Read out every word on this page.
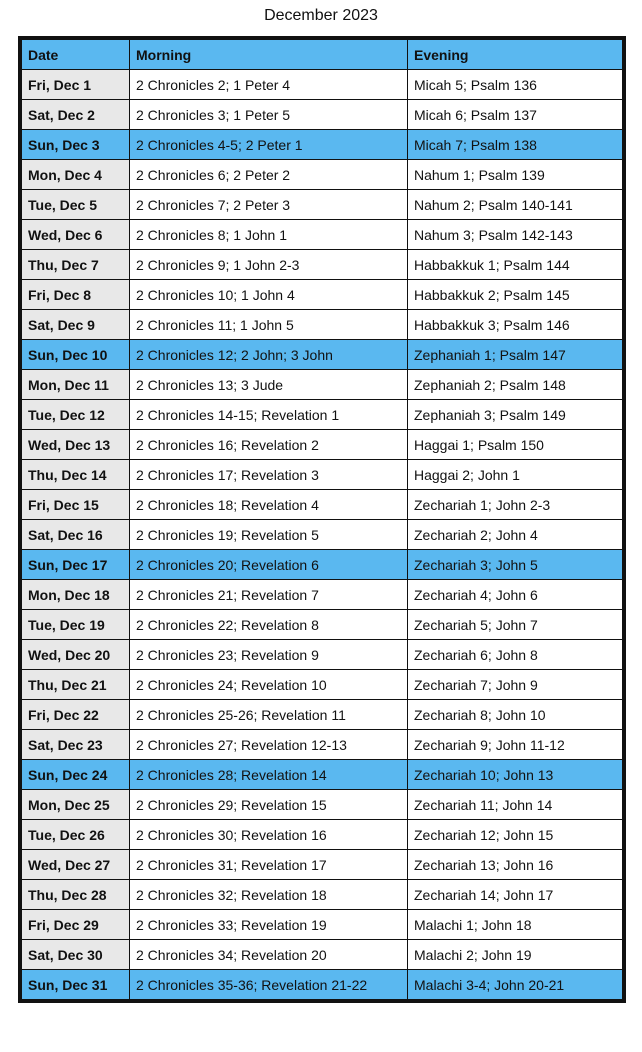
December 2023
Date	Morning	Evening
Fri, Dec 1	2 Chronicles 2; 1 Peter 4	Micah 5; Psalm 136
Sat, Dec 2	2 Chronicles 3; 1 Peter 5	Micah 6; Psalm 137
Sun, Dec 3	2 Chronicles 4-5; 2 Peter 1	Micah 7; Psalm 138
Mon, Dec 4	2 Chronicles 6; 2 Peter 2	Nahum 1; Psalm 139
Tue, Dec 5	2 Chronicles 7; 2 Peter 3	Nahum 2; Psalm 140-141
Wed, Dec 6	2 Chronicles 8; 1 John 1	Nahum 3; Psalm 142-143
Thu, Dec 7	2 Chronicles 9; 1 John 2-3	Habbakkuk 1; Psalm 144
Fri, Dec 8	2 Chronicles 10; 1 John 4	Habbakkuk 2; Psalm 145
Sat, Dec 9	2 Chronicles 11; 1 John 5	Habbakkuk 3; Psalm 146
Sun, Dec 10	2 Chronicles 12; 2 John; 3 John	Zephaniah 1; Psalm 147
Mon, Dec 11	2 Chronicles 13; 3 Jude	Zephaniah 2; Psalm 148
Tue, Dec 12	2 Chronicles 14-15; Revelation 1	Zephaniah 3; Psalm 149
Wed, Dec 13	2 Chronicles 16; Revelation 2	Haggai 1; Psalm 150
Thu, Dec 14	2 Chronicles 17; Revelation 3	Haggai 2; John 1
Fri, Dec 15	2 Chronicles 18; Revelation 4	Zechariah 1; John 2-3
Sat, Dec 16	2 Chronicles 19; Revelation 5	Zechariah 2; John 4
Sun, Dec 17	2 Chronicles 20; Revelation 6	Zechariah 3; John 5
Mon, Dec 18	2 Chronicles 21; Revelation 7	Zechariah 4; John 6
Tue, Dec 19	2 Chronicles 22; Revelation 8	Zechariah 5; John 7
Wed, Dec 20	2 Chronicles 23; Revelation 9	Zechariah 6; John 8
Thu, Dec 21	2 Chronicles 24; Revelation 10	Zechariah 7; John 9
Fri, Dec 22	2 Chronicles 25-26; Revelation 11	Zechariah 8; John 10
Sat, Dec 23	2 Chronicles 27; Revelation 12-13	Zechariah 9; John 11-12
Sun, Dec 24	2 Chronicles 28; Revelation 14	Zechariah 10; John 13
Mon, Dec 25	2 Chronicles 29; Revelation 15	Zechariah 11; John 14
Tue, Dec 26	2 Chronicles 30; Revelation 16	Zechariah 12; John 15
Wed, Dec 27	2 Chronicles 31; Revelation 17	Zechariah 13; John 16
Thu, Dec 28	2 Chronicles 32; Revelation 18	Zechariah 14; John 17
Fri, Dec 29	2 Chronicles 33; Revelation 19	Malachi 1; John 18
Sat, Dec 30	2 Chronicles 34; Revelation 20	Malachi 2; John 19
Sun, Dec 31	2 Chronicles 35-36; Revelation 21-22	Malachi 3-4; John 20-21
